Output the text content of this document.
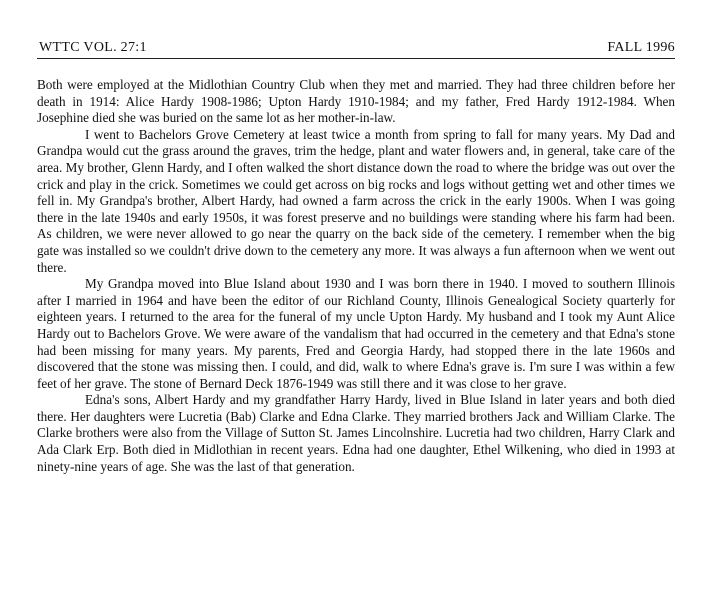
WTTC VOL. 27:1	FALL 1996

Both were employed at the Midlothian Country Club when they met and married. They had three children before her death in 1914: Alice Hardy 1908-1986; Upton Hardy 1910-1984; and my father, Fred Hardy 1912-1984. When Josephine died she was buried on the same lot as her mother-in-law.

I went to Bachelors Grove Cemetery at least twice a month from spring to fall for many years. My Dad and Grandpa would cut the grass around the graves, trim the hedge, plant and water flowers and, in general, take care of the area. My brother, Glenn Hardy, and I often walked the short distance down the road to where the bridge was out over the crick and play in the crick. Sometimes we could get across on big rocks and logs without getting wet and other times we fell in. My Grandpa's brother, Albert Hardy, had owned a farm across the crick in the early 1900s. When I was going there in the late 1940s and early 1950s, it was forest preserve and no buildings were standing where his farm had been. As children, we were never allowed to go near the quarry on the back side of the cemetery. I remember when the big gate was installed so we couldn't drive down to the cemetery any more. It was always a fun afternoon when we went out there.

My Grandpa moved into Blue Island about 1930 and I was born there in 1940. I moved to southern Illinois after I married in 1964 and have been the editor of our Richland County, Illinois Genealogical Society quarterly for eighteen years. I returned to the area for the funeral of my uncle Upton Hardy. My husband and I took my Aunt Alice Hardy out to Bachelors Grove. We were aware of the vandalism that had occurred in the cemetery and that Edna's stone had been missing for many years. My parents, Fred and Georgia Hardy, had stopped there in the late 1960s and discovered that the stone was missing then. I could, and did, walk to where Edna's grave is. I'm sure I was within a few feet of her grave. The stone of Bernard Deck 1876-1949 was still there and it was close to her grave.

Edna's sons, Albert Hardy and my grandfather Harry Hardy, lived in Blue Island in later years and both died there. Her daughters were Lucretia (Bab) Clarke and Edna Clarke. They married brothers Jack and William Clarke. The Clarke brothers were also from the Village of Sutton St. James Lincolnshire. Lucretia had two children, Harry Clark and Ada Clark Erp. Both died in Midlothian in recent years. Edna had one daughter, Ethel Wilkening, who died in 1993 at ninety-nine years of age. She was the last of that generation.
